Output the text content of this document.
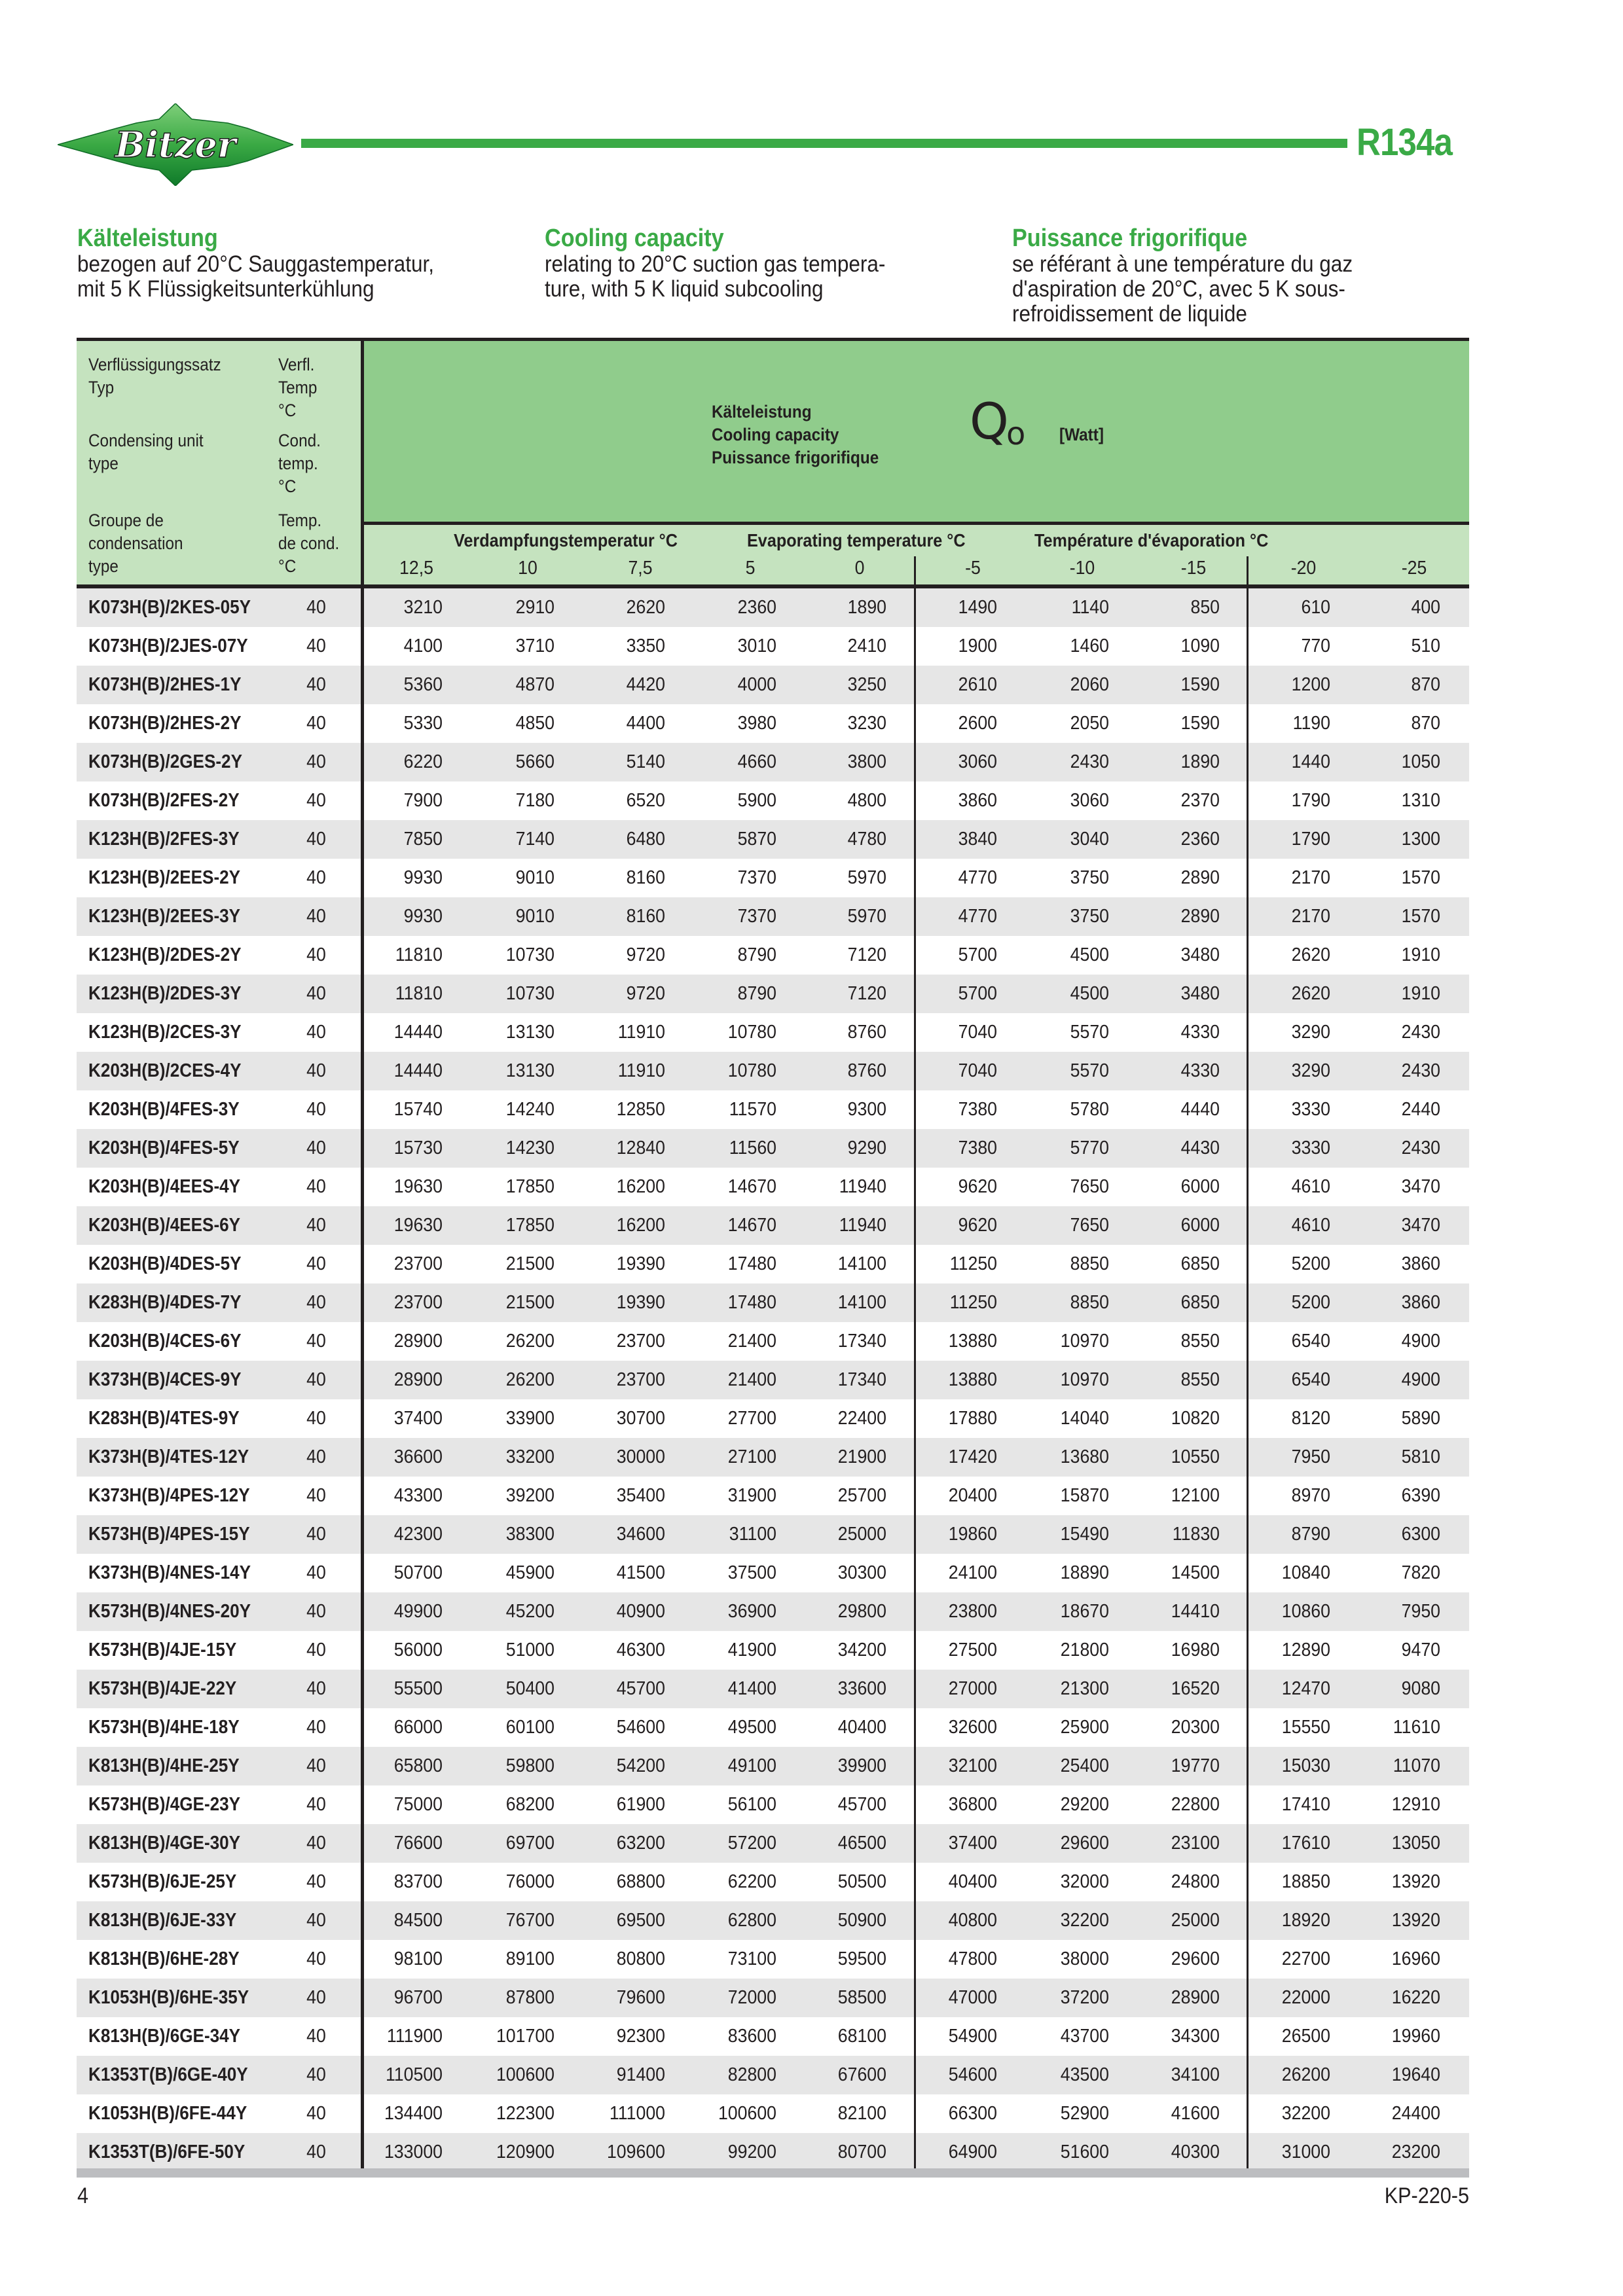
Bitzer	R134a
Kälteleistung

bezogen auf 20°C Sauggastemperatur,
mit 5 K Flüssigkeitsunterkühlung

Cooling capacity

relating to 20°C suction gas tempera-
ture, with 5 K liquid subcooling

Puissance frigorifique

se référant à une température du gaz
d'aspiration de 20°C, avec 5 K sous-
refroidissement de liquide

Verflüssigungssatz
Typ
Condensing unit
type
Groupe de
condensation
type
Verfl.
Temp
°C
Cond.
temp.
°C
Temp.
de cond.
°C
Kälteleistung
Cooling capacity
Puissance frigorifique
Q
o [Watt]
Verdampfungstemperatur °C	Evaporating temperature °C	Température d'évaporation °C
12,5	10	7,5	5	0	-5	-10	-15	-20	-25
K073H(B)/2KES-05Y	40	3210	2910	2620	2360	1890	1490	1140	850	610	400
K073H(B)/2JES-07Y	40	4100	3710	3350	3010	2410	1900	1460	1090	770	510
K073H(B)/2HES-1Y	40	5360	4870	4420	4000	3250	2610	2060	1590	1200	870
K073H(B)/2HES-2Y	40	5330	4850	4400	3980	3230	2600	2050	1590	1190	870
K073H(B)/2GES-2Y	40	6220	5660	5140	4660	3800	3060	2430	1890	1440	1050
K073H(B)/2FES-2Y	40	7900	7180	6520	5900	4800	3860	3060	2370	1790	1310
K123H(B)/2FES-3Y	40	7850	7140	6480	5870	4780	3840	3040	2360	1790	1300
K123H(B)/2EES-2Y	40	9930	9010	8160	7370	5970	4770	3750	2890	2170	1570
K123H(B)/2EES-3Y	40	9930	9010	8160	7370	5970	4770	3750	2890	2170	1570
K123H(B)/2DES-2Y	40	11810	10730	9720	8790	7120	5700	4500	3480	2620	1910
K123H(B)/2DES-3Y	40	11810	10730	9720	8790	7120	5700	4500	3480	2620	1910
K123H(B)/2CES-3Y	40	14440	13130	11910	10780	8760	7040	5570	4330	3290	2430
K203H(B)/2CES-4Y	40	14440	13130	11910	10780	8760	7040	5570	4330	3290	2430
K203H(B)/4FES-3Y	40	15740	14240	12850	11570	9300	7380	5780	4440	3330	2440
K203H(B)/4FES-5Y	40	15730	14230	12840	11560	9290	7380	5770	4430	3330	2430
K203H(B)/4EES-4Y	40	19630	17850	16200	14670	11940	9620	7650	6000	4610	3470
K203H(B)/4EES-6Y	40	19630	17850	16200	14670	11940	9620	7650	6000	4610	3470
K203H(B)/4DES-5Y	40	23700	21500	19390	17480	14100	11250	8850	6850	5200	3860
K283H(B)/4DES-7Y	40	23700	21500	19390	17480	14100	11250	8850	6850	5200	3860
K203H(B)/4CES-6Y	40	28900	26200	23700	21400	17340	13880	10970	8550	6540	4900
K373H(B)/4CES-9Y	40	28900	26200	23700	21400	17340	13880	10970	8550	6540	4900
K283H(B)/4TES-9Y	40	37400	33900	30700	27700	22400	17880	14040	10820	8120	5890
K373H(B)/4TES-12Y	40	36600	33200	30000	27100	21900	17420	13680	10550	7950	5810
K373H(B)/4PES-12Y	40	43300	39200	35400	31900	25700	20400	15870	12100	8970	6390
K573H(B)/4PES-15Y	40	42300	38300	34600	31100	25000	19860	15490	11830	8790	6300
K373H(B)/4NES-14Y	40	50700	45900	41500	37500	30300	24100	18890	14500	10840	7820
K573H(B)/4NES-20Y	40	49900	45200	40900	36900	29800	23800	18670	14410	10860	7950
K573H(B)/4JE-15Y	40	56000	51000	46300	41900	34200	27500	21800	16980	12890	9470
K573H(B)/4JE-22Y	40	55500	50400	45700	41400	33600	27000	21300	16520	12470	9080
K573H(B)/4HE-18Y	40	66000	60100	54600	49500	40400	32600	25900	20300	15550	11610
K813H(B)/4HE-25Y	40	65800	59800	54200	49100	39900	32100	25400	19770	15030	11070
K573H(B)/4GE-23Y	40	75000	68200	61900	56100	45700	36800	29200	22800	17410	12910
K813H(B)/4GE-30Y	40	76600	69700	63200	57200	46500	37400	29600	23100	17610	13050
K573H(B)/6JE-25Y	40	83700	76000	68800	62200	50500	40400	32000	24800	18850	13920
K813H(B)/6JE-33Y	40	84500	76700	69500	62800	50900	40800	32200	25000	18920	13920
K813H(B)/6HE-28Y	40	98100	89100	80800	73100	59500	47800	38000	29600	22700	16960
K1053H(B)/6HE-35Y	40	96700	87800	79600	72000	58500	47000	37200	28900	22000	16220
K813H(B)/6GE-34Y	40	111900	101700	92300	83600	68100	54900	43700	34300	26500	19960
K1353T(B)/6GE-40Y	40	110500	100600	91400	82800	67600	54600	43500	34100	26200	19640
K1053H(B)/6FE-44Y	40	134400	122300	111000	100600	82100	66300	52900	41600	32200	24400
K1353T(B)/6FE-50Y	40	133000	120900	109600	99200	80700	64900	51600	40300	31000	23200
4	KP-220-5
